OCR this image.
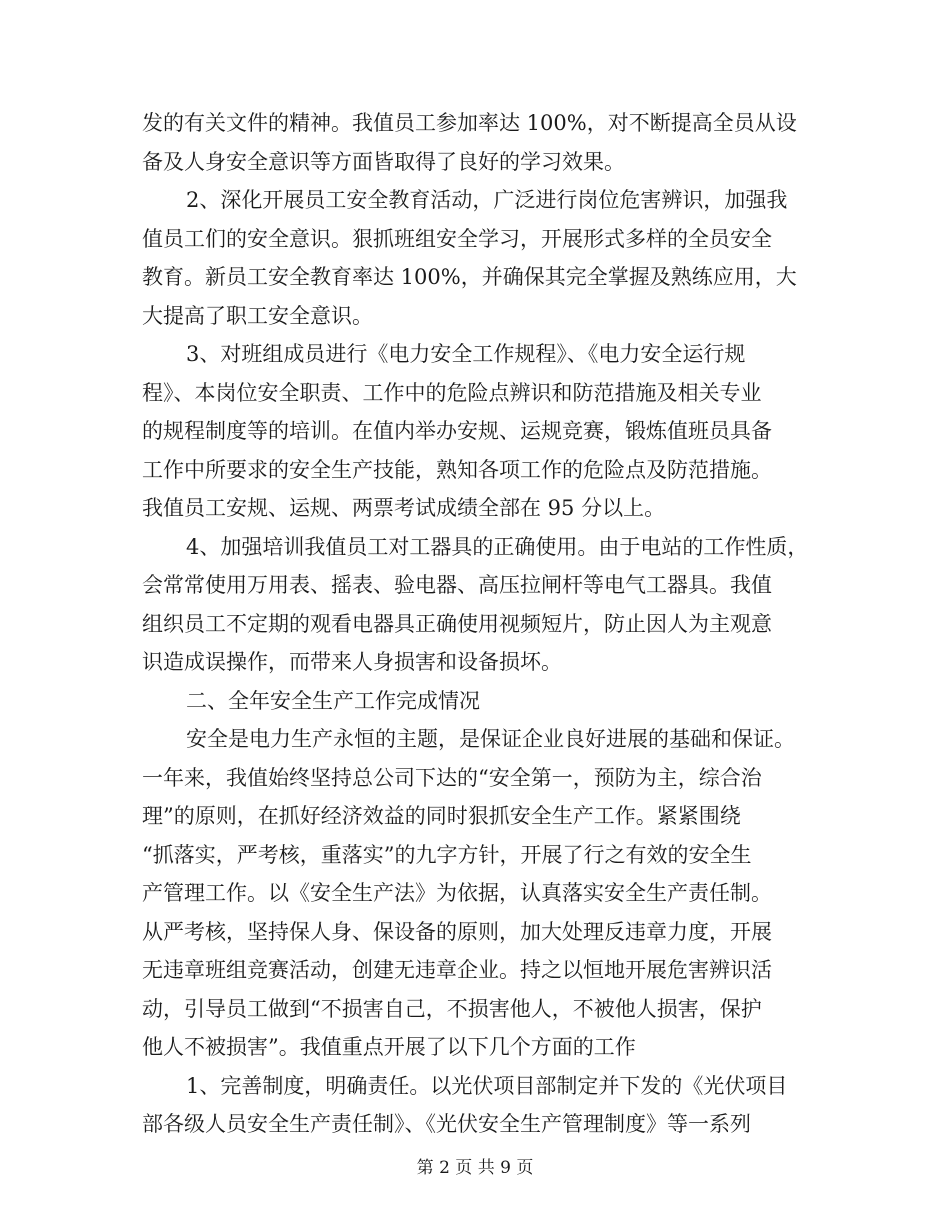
发的有关文件的精神。我值员工参加率达 100%，对不断提高全员从设
备及人身安全意识等方面皆取得了良好的学习效果。
2、深化开展员工安全教育活动，广泛进行岗位危害辨识，加强我
值员工们的安全意识。狠抓班组安全学习，开展形式多样的全员安全
教育。新员工安全教育率达 100%，并确保其完全掌握及熟练应用，大
大提高了职工安全意识。
3、对班组成员进行《电力安全工作规程》、《电力安全运行规
程》、本岗位安全职责、工作中的危险点辨识和防范措施及相关专业
的规程制度等的培训。在值内举办安规、运规竞赛，锻炼值班员具备
工作中所要求的安全生产技能，熟知各项工作的危险点及防范措施。
我值员工安规、运规、两票考试成绩全部在 95 分以上。
4、加强培训我值员工对工器具的正确使用。由于电站的工作性质，
会常常使用万用表、摇表、验电器、高压拉闸杆等电气工器具。我值
组织员工不定期的观看电器具正确使用视频短片，防止因人为主观意
识造成误操作，而带来人身损害和设备损坏。
二、全年安全生产工作完成情况
安全是电力生产永恒的主题，是保证企业良好进展的基础和保证。
一年来，我值始终坚持总公司下达的“安全第一，预防为主，综合治
理”的原则，在抓好经济效益的同时狠抓安全生产工作。紧紧围绕
“抓落实，严考核，重落实”的九字方针，开展了行之有效的安全生
产管理工作。以《安全生产法》为依据，认真落实安全生产责任制。
从严考核，坚持保人身、保设备的原则，加大处理反违章力度，开展
无违章班组竞赛活动，创建无违章企业。持之以恒地开展危害辨识活
动，引导员工做到“不损害自己，不损害他人，不被他人损害，保护
他人不被损害”。我值重点开展了以下几个方面的工作
1、完善制度，明确责任。以光伏项目部制定并下发的《光伏项目
部各级人员安全生产责任制》、《光伏安全生产管理制度》等一系列
第 2 页 共 9 页
